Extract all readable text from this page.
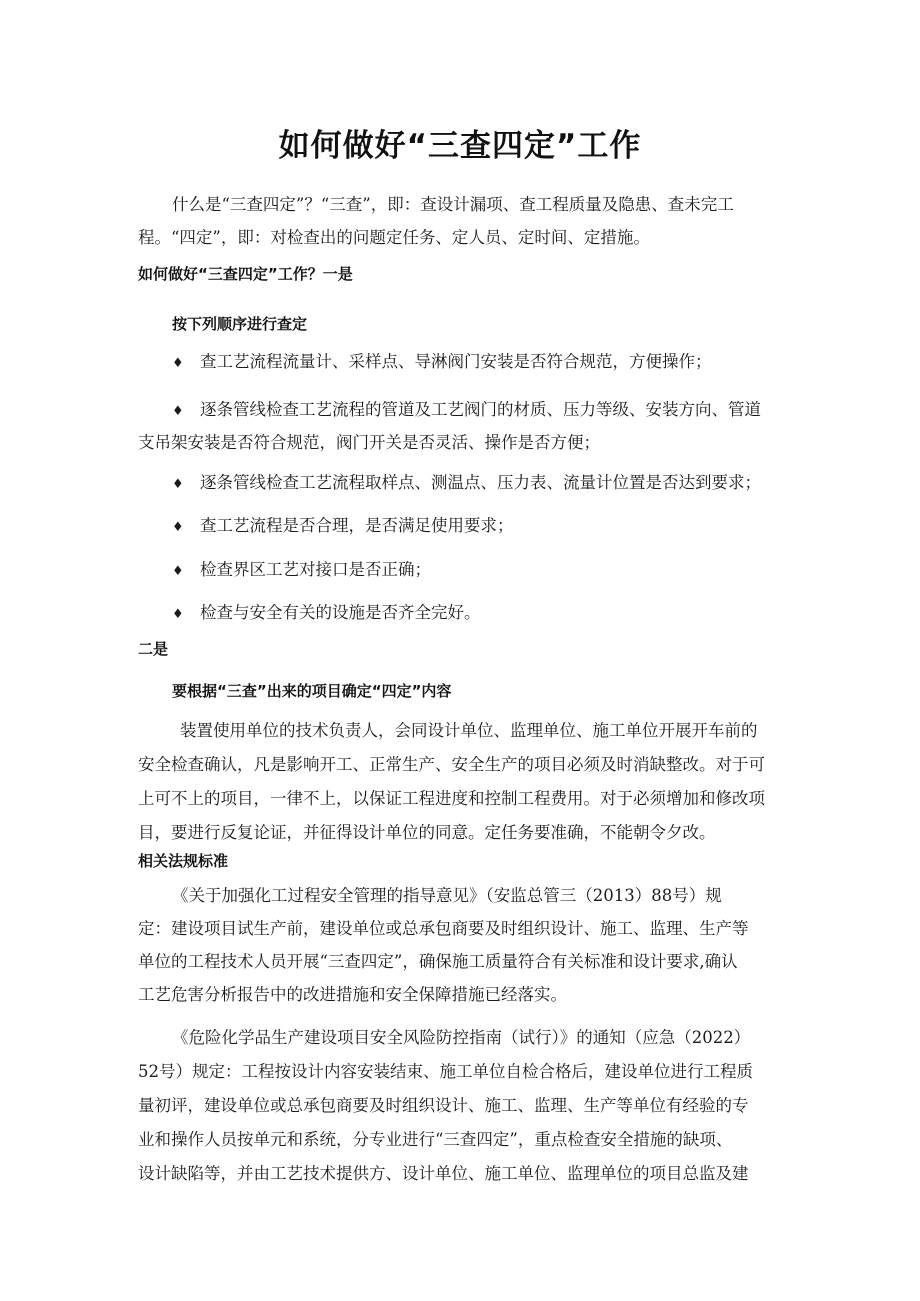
如何做好“三查四定”工作

什么是“三查四定”？“三查”，即：查设计漏项、查工程质量及隐患、查未完工

程。“四定”，即：对检查出的问题定任务、定人员、定时间、定措施。

如何做好“三查四定”工作？一是

按下列顺序进行查定

♦ 查工艺流程流量计、采样点、导淋阀门安装是否符合规范，方便操作；

♦ 逐条管线检查工艺流程的管道及工艺阀门的材质、压力等级、安装方向、管道

支吊架安装是否符合规范，阀门开关是否灵活、操作是否方便；

♦ 逐条管线检查工艺流程取样点、测温点、压力表、流量计位置是否达到要求；

♦ 查工艺流程是否合理，是否满足使用要求；

♦ 检查界区工艺对接口是否正确；

♦ 检查与安全有关的设施是否齐全完好。

二是

要根据“三查”出来的项目确定“四定”内容

装置使用单位的技术负责人，会同设计单位、监理单位、施工单位开展开车前的

安全检查确认，凡是影响开工、正常生产、安全生产的项目必须及时消缺整改。对于可

上可不上的项目，一律不上，以保证工程进度和控制工程费用。对于必须增加和修改项

目，要进行反复论证，并征得设计单位的同意。定任务要准确，不能朝令夕改。

相关法规标准

《关于加强化工过程安全管理的指导意见》（安监总管三（2013）88号）规

定：建设项目试生产前，建设单位或总承包商要及时组织设计、施工、监理、生产等

单位的工程技术人员开展“三查四定”，确保施工质量符合有关标准和设计要求,确认

工艺危害分析报告中的改进措施和安全保障措施已经落实。

《危险化学品生产建设项目安全风险防控指南（试行）》的通知（应急（2022）

52号）规定：工程按设计内容安装结束、施工单位自检合格后，建设单位进行工程质

量初评，建设单位或总承包商要及时组织设计、施工、监理、生产等单位有经验的专

业和操作人员按单元和系统，分专业进行“三查四定”，重点检查安全措施的缺项、

设计缺陷等，并由工艺技术提供方、设计单位、施工单位、监理单位的项目总监及建
